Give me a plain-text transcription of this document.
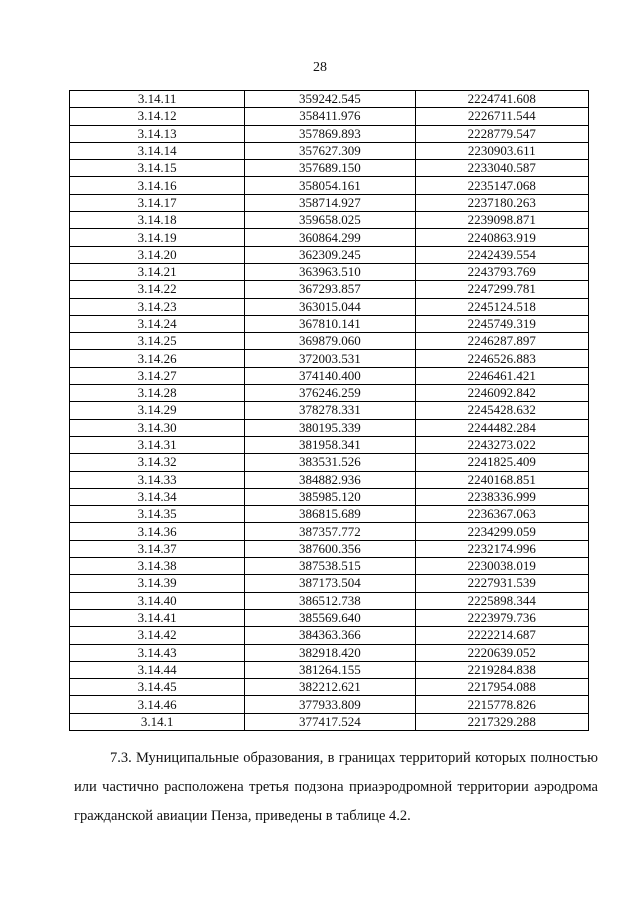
28
3.14.11	359242.545	2224741.608
3.14.12	358411.976	2226711.544
3.14.13	357869.893	2228779.547
3.14.14	357627.309	2230903.611
3.14.15	357689.150	2233040.587
3.14.16	358054.161	2235147.068
3.14.17	358714.927	2237180.263
3.14.18	359658.025	2239098.871
3.14.19	360864.299	2240863.919
3.14.20	362309.245	2242439.554
3.14.21	363963.510	2243793.769
3.14.22	367293.857	2247299.781
3.14.23	363015.044	2245124.518
3.14.24	367810.141	2245749.319
3.14.25	369879.060	2246287.897
3.14.26	372003.531	2246526.883
3.14.27	374140.400	2246461.421
3.14.28	376246.259	2246092.842
3.14.29	378278.331	2245428.632
3.14.30	380195.339	2244482.284
3.14.31	381958.341	2243273.022
3.14.32	383531.526	2241825.409
3.14.33	384882.936	2240168.851
3.14.34	385985.120	2238336.999
3.14.35	386815.689	2236367.063
3.14.36	387357.772	2234299.059
3.14.37	387600.356	2232174.996
3.14.38	387538.515	2230038.019
3.14.39	387173.504	2227931.539
3.14.40	386512.738	2225898.344
3.14.41	385569.640	2223979.736
3.14.42	384363.366	2222214.687
3.14.43	382918.420	2220639.052
3.14.44	381264.155	2219284.838
3.14.45	382212.621	2217954.088
3.14.46	377933.809	2215778.826
3.14.1	377417.524	2217329.288
7.3. Муниципальные образования, в границах территорий которых полностью или частично расположена третья подзона приаэродромной территории аэродрома гражданской авиации Пенза, приведены в таблице 4.2.
